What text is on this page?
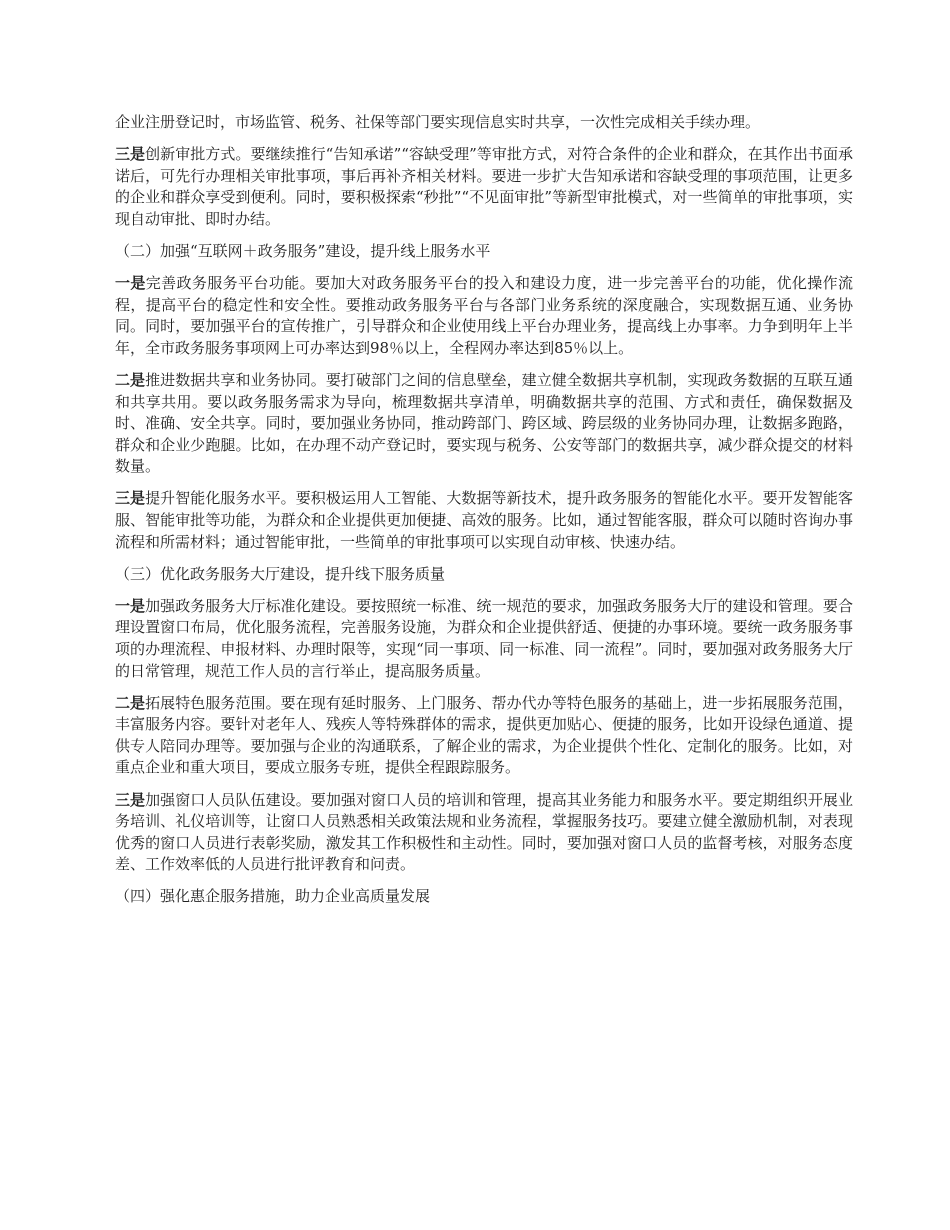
企业注册登记时，市场监管、税务、社保等部门要实现信息实时共享，一次性完成相关手续办理。

三是创新审批方式。要继续推行“告知承诺”“容缺受理”等审批方式，对符合条件的企业和群众，在其作出书面承诺后，可先行办理相关审批事项，事后再补齐相关材料。要进一步扩大告知承诺和容缺受理的事项范围，让更多的企业和群众享受到便利。同时，要积极探索“秒批”“不见面审批”等新型审批模式，对一些简单的审批事项，实现自动审批、即时办结。

（二）加强“互联网＋政务服务”建设，提升线上服务水平

一是完善政务服务平台功能。要加大对政务服务平台的投入和建设力度，进一步完善平台的功能，优化操作流程，提高平台的稳定性和安全性。要推动政务服务平台与各部门业务系统的深度融合，实现数据互通、业务协同。同时，要加强平台的宣传推广，引导群众和企业使用线上平台办理业务，提高线上办事率。力争到明年上半年，全市政务服务事项网上可办率达到98％以上，全程网办率达到85％以上。

二是推进数据共享和业务协同。要打破部门之间的信息壁垒，建立健全数据共享机制，实现政务数据的互联互通和共享共用。要以政务服务需求为导向，梳理数据共享清单，明确数据共享的范围、方式和责任，确保数据及时、准确、安全共享。同时，要加强业务协同，推动跨部门、跨区域、跨层级的业务协同办理，让数据多跑路，群众和企业少跑腿。比如，在办理不动产登记时，要实现与税务、公安等部门的数据共享，减少群众提交的材料数量。

三是提升智能化服务水平。要积极运用人工智能、大数据等新技术，提升政务服务的智能化水平。要开发智能客服、智能审批等功能，为群众和企业提供更加便捷、高效的服务。比如，通过智能客服，群众可以随时咨询办事流程和所需材料；通过智能审批，一些简单的审批事项可以实现自动审核、快速办结。

（三）优化政务服务大厅建设，提升线下服务质量

一是加强政务服务大厅标准化建设。要按照统一标准、统一规范的要求，加强政务服务大厅的建设和管理。要合理设置窗口布局，优化服务流程，完善服务设施，为群众和企业提供舒适、便捷的办事环境。要统一政务服务事项的办理流程、申报材料、办理时限等，实现“同一事项、同一标准、同一流程”。同时，要加强对政务服务大厅的日常管理，规范工作人员的言行举止，提高服务质量。

二是拓展特色服务范围。要在现有延时服务、上门服务、帮办代办等特色服务的基础上，进一步拓展服务范围，丰富服务内容。要针对老年人、残疾人等特殊群体的需求，提供更加贴心、便捷的服务，比如开设绿色通道、提供专人陪同办理等。要加强与企业的沟通联系，了解企业的需求，为企业提供个性化、定制化的服务。比如，对重点企业和重大项目，要成立服务专班，提供全程跟踪服务。

三是加强窗口人员队伍建设。要加强对窗口人员的培训和管理，提高其业务能力和服务水平。要定期组织开展业务培训、礼仪培训等，让窗口人员熟悉相关政策法规和业务流程，掌握服务技巧。要建立健全激励机制，对表现优秀的窗口人员进行表彰奖励，激发其工作积极性和主动性。同时，要加强对窗口人员的监督考核，对服务态度差、工作效率低的人员进行批评教育和问责。

（四）强化惠企服务措施，助力企业高质量发展
